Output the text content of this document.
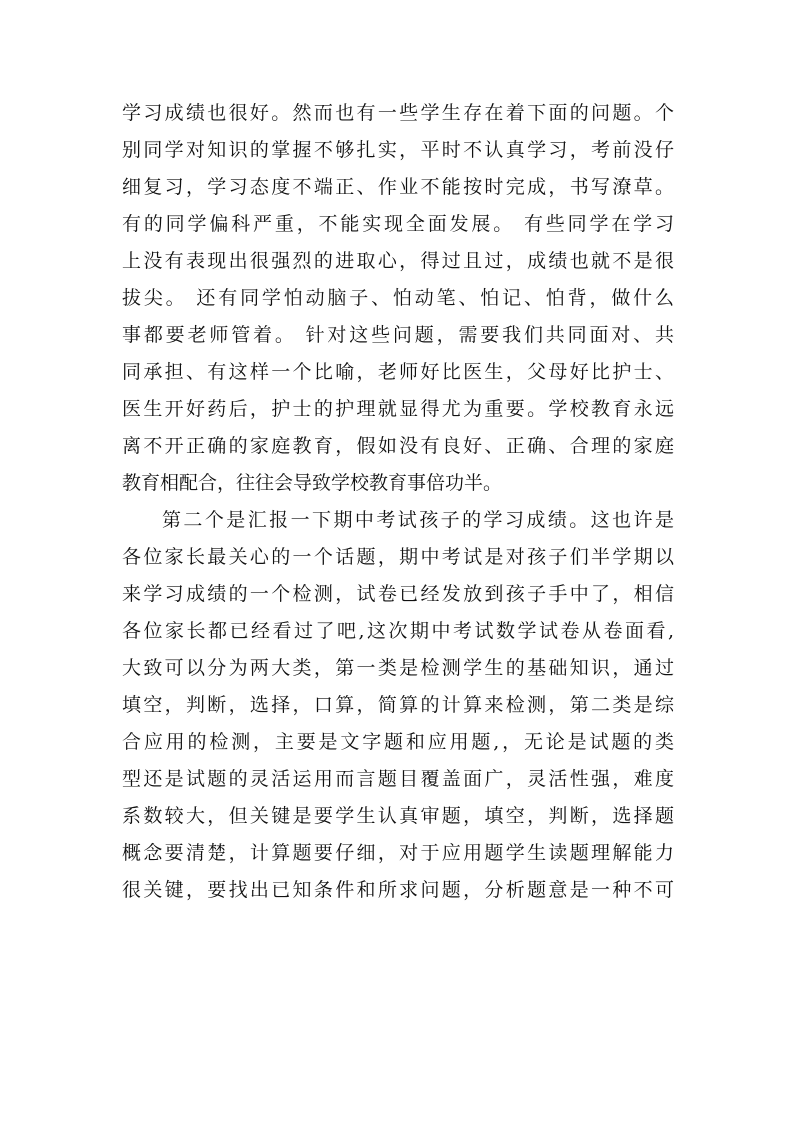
学习成绩也很好。然而也有一些学生存在着下面的问题。个
别同学对知识的掌握不够扎实，平时不认真学习，考前没仔
细复习，学习态度不端正、作业不能按时完成，书写潦草。
有的同学偏科严重，不能实现全面发展。 有些同学在学习
上没有表现出很强烈的进取心，得过且过，成绩也就不是很
拔尖。 还有同学怕动脑子、怕动笔、怕记、怕背，做什么
事都要老师管着。 针对这些问题，需要我们共同面对、共
同承担、有这样一个比喻，老师好比医生，父母好比护士、
医生开好药后，护士的护理就显得尤为重要。学校教育永远
离不开正确的家庭教育，假如没有良好、正确、合理的家庭
教育相配合，往往会导致学校教育事倍功半。
第二个是汇报一下期中考试孩子的学习成绩。这也许是
各位家长最关心的一个话题，期中考试是对孩子们半学期以
来学习成绩的一个检测，试卷已经发放到孩子手中了，相信
各位家长都已经看过了吧,这次期中考试数学试卷从卷面看,
大致可以分为两大类，第一类是检测学生的基础知识，通过
填空，判断，选择，口算，简算的计算来检测，第二类是综
合应用的检测，主要是文字题和应用题,，无论是试题的类
型还是试题的灵活运用而言题目覆盖面广，灵活性强，难度
系数较大，但关键是要学生认真审题，填空，判断，选择题
概念要清楚，计算题要仔细，对于应用题学生读题理解能力
很关键，要找出已知条件和所求问题，分析题意是一种不可
